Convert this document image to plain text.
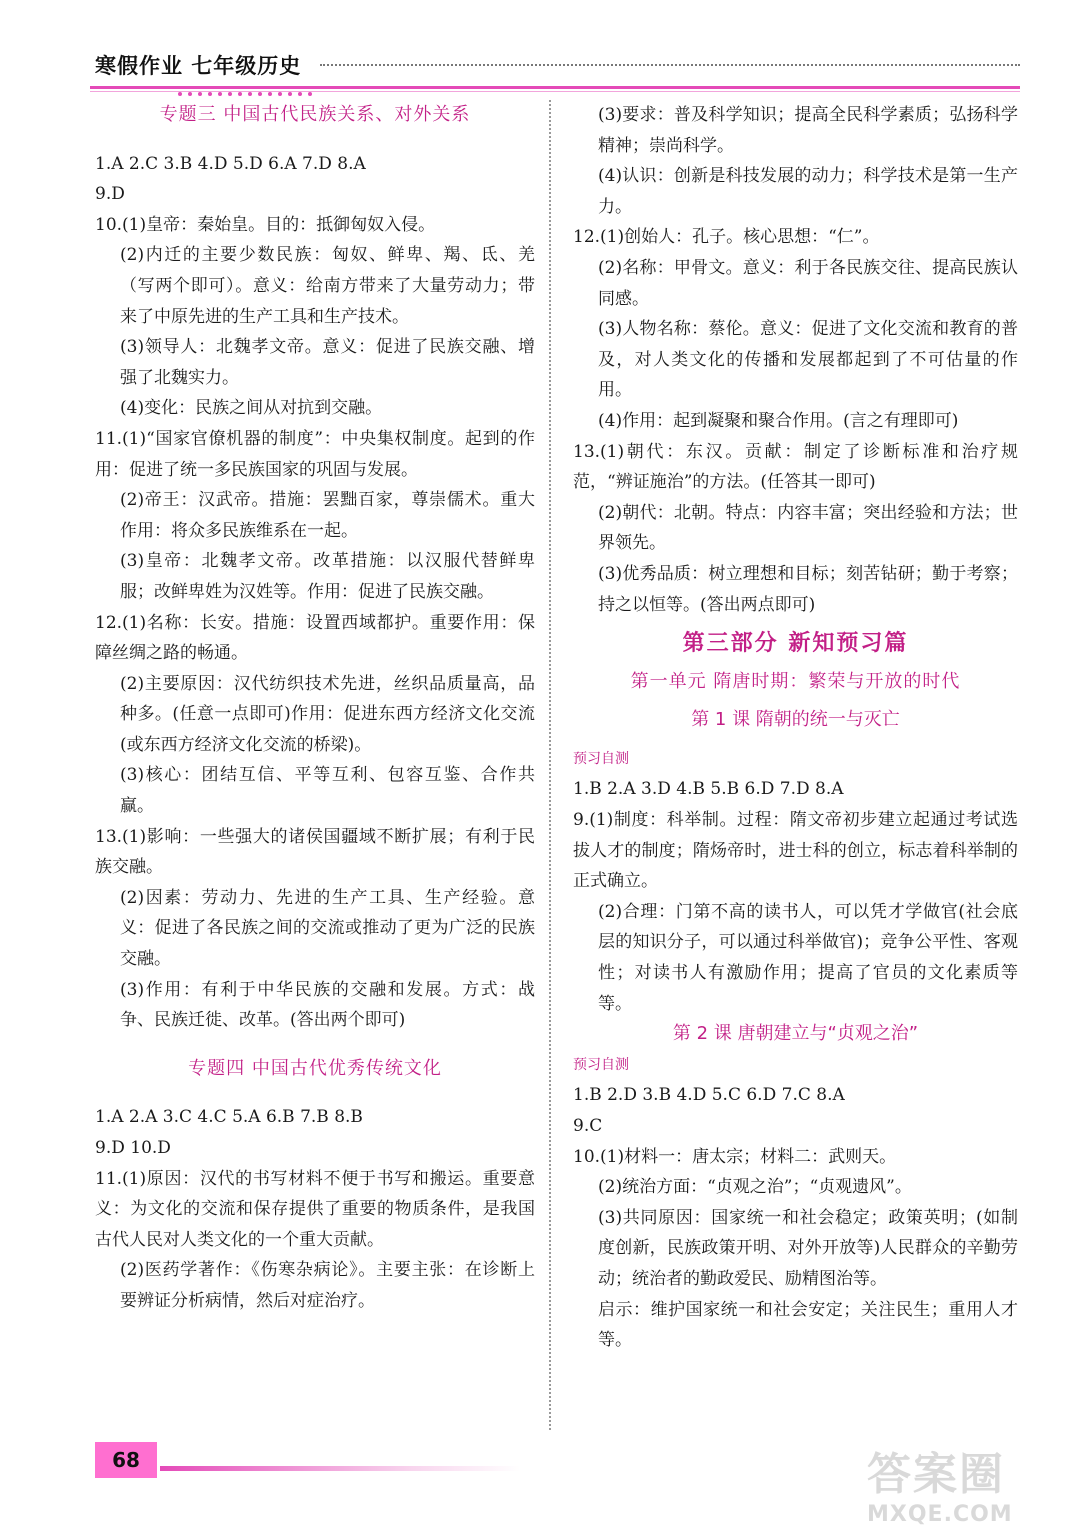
寒假作业 七年级历史

专题三 中国古代民族关系、对外关系

1.A 2.C 3.B 4.D 5.D 6.A 7.D 8.A

9.D

10.(1)皇帝：秦始皇。目的：抵御匈奴入侵。

(2)内迁的主要少数民族：匈奴、鲜卑、羯、氐、羌（写两个即可）。意义：给南方带来了大量劳动力；带来了中原先进的生产工具和生产技术。

(3)领导人：北魏孝文帝。意义：促进了民族交融、增强了北魏实力。

(4)变化：民族之间从对抗到交融。

11.(1)“国家官僚机器的制度”：中央集权制度。起到的作用：促进了统一多民族国家的巩固与发展。

(2)帝王：汉武帝。措施：罢黜百家，尊崇儒术。重大作用：将众多民族维系在一起。

(3)皇帝：北魏孝文帝。改革措施：以汉服代替鲜卑服；改鲜卑姓为汉姓等。作用：促进了民族交融。

12.(1)名称：长安。措施：设置西域都护。重要作用：保障丝绸之路的畅通。

(2)主要原因：汉代纺织技术先进，丝织品质量高，品种多。(任意一点即可)作用：促进东西方经济文化交流(或东西方经济文化交流的桥梁)。

(3)核心：团结互信、平等互利、包容互鉴、合作共赢。

13.(1)影响：一些强大的诸侯国疆域不断扩展；有利于民族交融。

(2)因素：劳动力、先进的生产工具、生产经验。意义：促进了各民族之间的交流或推动了更为广泛的民族交融。

(3)作用：有利于中华民族的交融和发展。方式：战争、民族迁徙、改革。(答出两个即可)

专题四 中国古代优秀传统文化

1.A 2.A 3.C 4.C 5.A 6.B 7.B 8.B

9.D 10.D

11.(1)原因：汉代的书写材料不便于书写和搬运。重要意义：为文化的交流和保存提供了重要的物质条件，是我国古代人民对人类文化的一个重大贡献。

(2)医药学著作：《伤寒杂病论》。主要主张：在诊断上要辨证分析病情，然后对症治疗。

(3)要求：普及科学知识；提高全民科学素质；弘扬科学精神；崇尚科学。

(4)认识：创新是科技发展的动力；科学技术是第一生产力。

12.(1)创始人：孔子。核心思想：“仁”。

(2)名称：甲骨文。意义：利于各民族交往、提高民族认同感。

(3)人物名称：蔡伦。意义：促进了文化交流和教育的普及，对人类文化的传播和发展都起到了不可估量的作用。

(4)作用：起到凝聚和聚合作用。(言之有理即可)

13.(1)朝代：东汉。贡献：制定了诊断标准和治疗规范，“辨证施治”的方法。(任答其一即可)

(2)朝代：北朝。特点：内容丰富；突出经验和方法；世界领先。

(3)优秀品质：树立理想和目标；刻苦钻研；勤于考察；持之以恒等。(答出两点即可)

第三部分 新知预习篇

第一单元 隋唐时期：繁荣与开放的时代

第 1 课 隋朝的统一与灭亡

预习自测

1.B 2.A 3.D 4.B 5.B 6.D 7.D 8.A

9.(1)制度：科举制。过程：隋文帝初步建立起通过考试选拔人才的制度；隋炀帝时，进士科的创立，标志着科举制的正式确立。

(2)合理：门第不高的读书人，可以凭才学做官(社会底层的知识分子，可以通过科举做官)；竞争公平性、客观性；对读书人有激励作用；提高了官员的文化素质等等。

第 2 课 唐朝建立与“贞观之治”

预习自测

1.B 2.D 3.B 4.D 5.C 6.D 7.C 8.A

9.C

10.(1)材料一：唐太宗；材料二：武则天。

(2)统治方面：“贞观之治”；“贞观遗风”。

(3)共同原因：国家统一和社会稳定；政策英明；(如制度创新，民族政策开明、对外开放等)人民群众的辛勤劳动；统治者的勤政爱民、励精图治等。

启示：维护国家统一和社会安定；关注民生；重用人才等。

68	答案圈
MXQE.COM
